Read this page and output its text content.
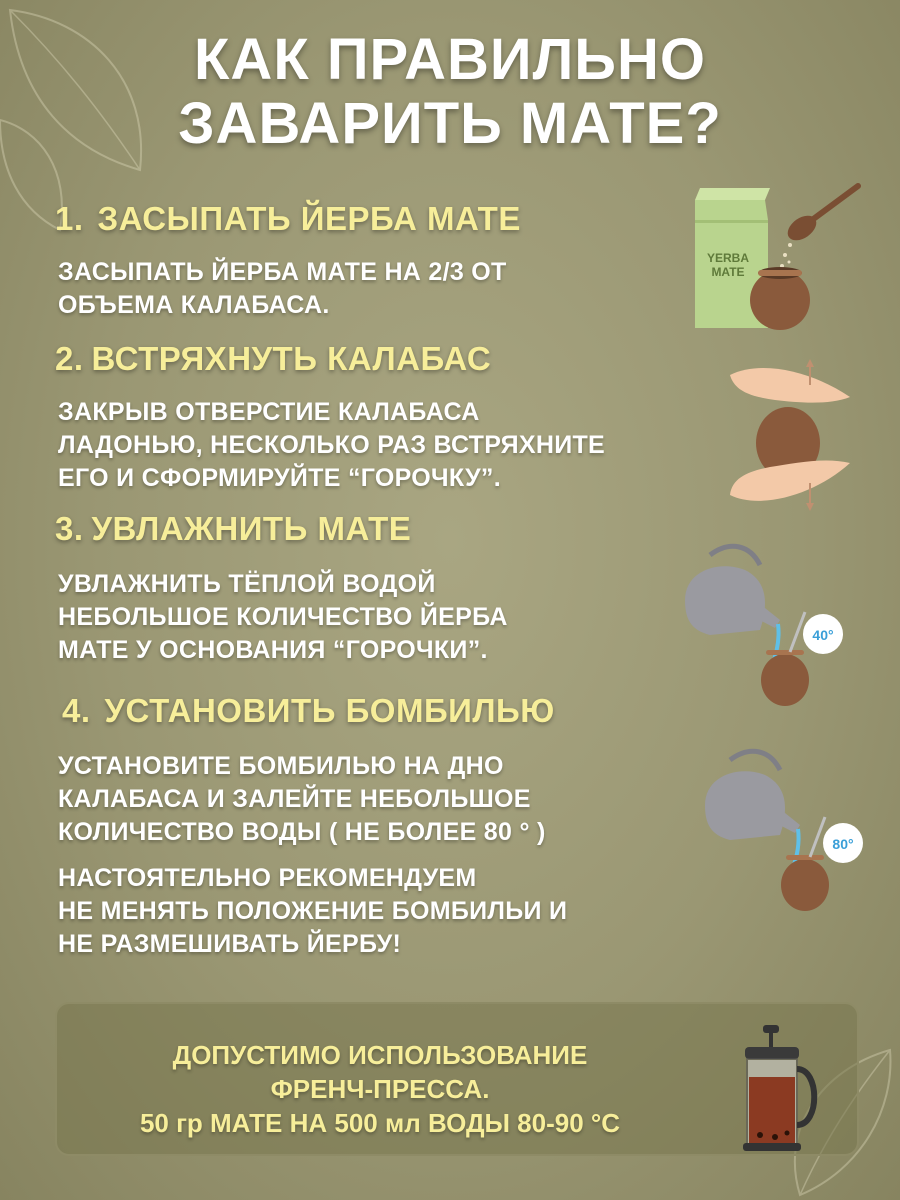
КАК ПРАВИЛЬНО
ЗАВАРИТЬ МАТЕ?
1. ЗАСЫПАТЬ ЙЕРБА МАТЕ
ЗАСЫПАТЬ ЙЕРБА МАТЕ НА 2/3 ОТ
ОБЪЕМА КАЛАБАСА.
2. ВСТРЯХНУТЬ КАЛАБАС
ЗАКРЫВ ОТВЕРСТИЕ КАЛАБАСА
ЛАДОНЬЮ, НЕСКОЛЬКО РАЗ ВСТРЯХНИТЕ
ЕГО И СФОРМИРУЙТЕ “ГОРОЧКУ”.
3. УВЛАЖНИТЬ МАТЕ
УВЛАЖНИТЬ ТЁПЛОЙ ВОДОЙ
НЕБОЛЬШОЕ КОЛИЧЕСТВО ЙЕРБА
МАТЕ У ОСНОВАНИЯ “ГОРОЧКИ”.
4. УСТАНОВИТЬ БОМБИЛЬЮ
УСТАНОВИТЕ БОМБИЛЬЮ НА ДНО
КАЛАБАСА И ЗАЛЕЙТЕ НЕБОЛЬШОЕ
КОЛИЧЕСТВО ВОДЫ ( НЕ БОЛЕЕ 80 ° )
НАСТОЯТЕЛЬНО РЕКОМЕНДУЕМ
НЕ МЕНЯТЬ ПОЛОЖЕНИЕ БОМБИЛЬИ И
НЕ РАЗМЕШИВАТЬ ЙЕРБУ!
YERBA
MATE
40°
80°
ДОПУСТИМО ИСПОЛЬЗОВАНИЕ
ФРЕНЧ-ПРЕССА.
50 гр МАТЕ НА 500 мл ВОДЫ 80-90 °С
